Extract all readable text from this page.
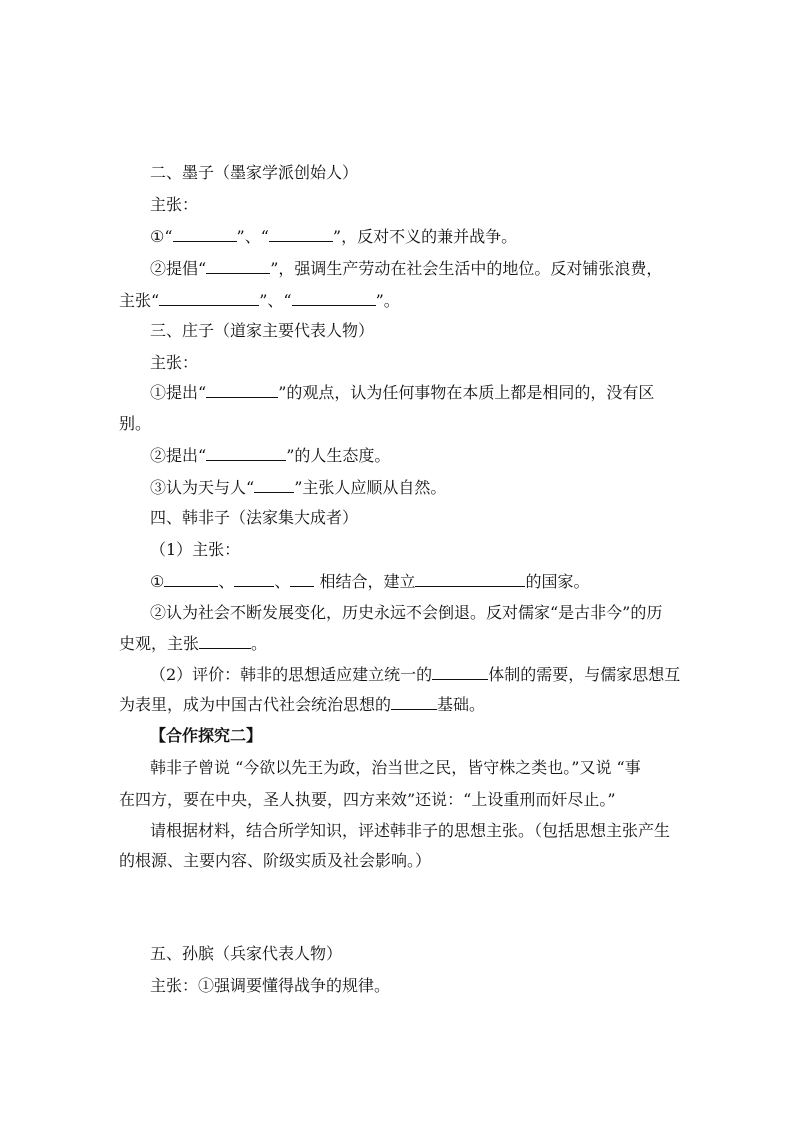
二、墨子（墨家学派创始人）
主张：
①“	”、“	”，反对不义的兼并战争。
②提倡“	”，强调生产劳动在社会生活中的地位。反对铺张浪费，
主张“	”、“	”。
三、庄子（道家主要代表人物）
主张：
①提出“	”的观点，认为任何事物在本质上都是相同的，没有区
别。
②提出“	”的人生态度。
③认为天与人“	”主张人应顺从自然。
四、韩非子（法家集大成者）
（1）主张：
①	、	、 相结合，建立	的国家。
②认为社会不断发展变化，历史永远不会倒退。反对儒家“是古非今”的历
史观，主张	。
（2）评价：韩非的思想适应建立统一的	体制的需要，与儒家思想互
为表里，成为中国古代社会统治思想的	基础。
【合作探究二】
韩非子曾说 “今欲以先王为政，治当世之民，皆守株之类也。”又说 “事
在四方，要在中央，圣人执要，四方来效”还说：“上设重刑而奸尽止。”
请根据材料，结合所学知识，评述韩非子的思想主张。（包括思想主张产生
的根源、主要内容、阶级实质及社会影响。）
五、孙膑（兵家代表人物）
主张：①强调要懂得战争的规律。
